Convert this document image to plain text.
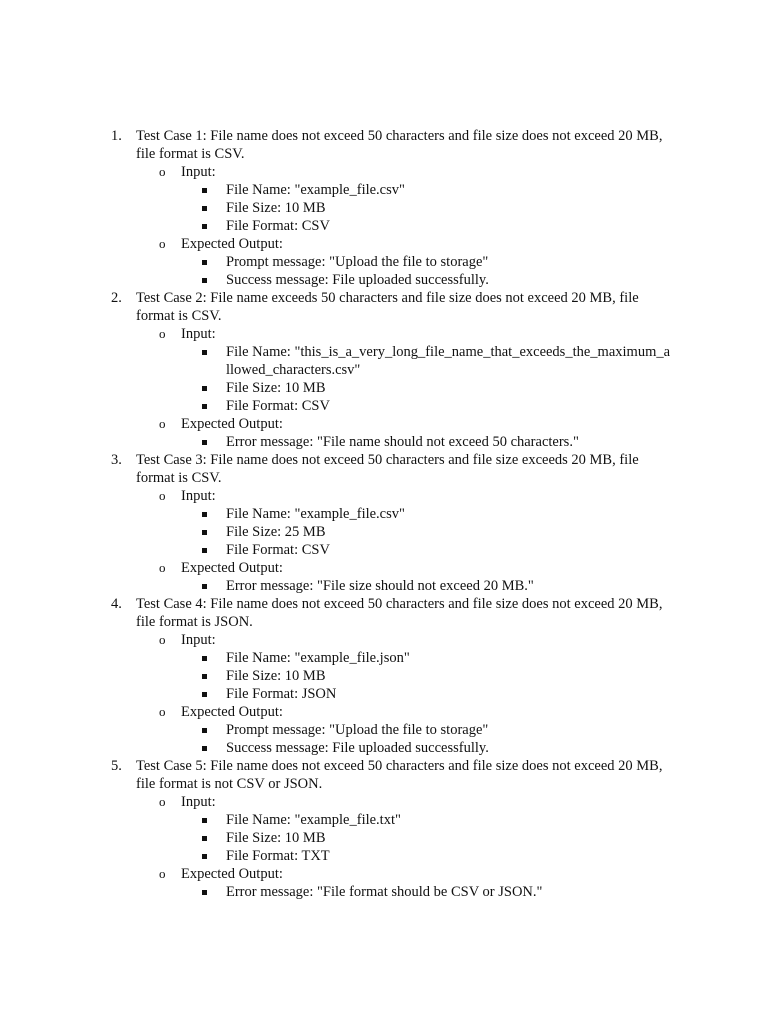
1. Test Case 1: File name does not exceed 50 characters and file size does not exceed 20 MB, file format is CSV.
o Input:
File Name: "example_file.csv"
File Size: 10 MB
File Format: CSV
o Expected Output:
Prompt message: "Upload the file to storage"
Success message: File uploaded successfully.
2. Test Case 2: File name exceeds 50 characters and file size does not exceed 20 MB, file format is CSV.
o Input:
File Name: "this_is_a_very_long_file_name_that_exceeds_the_maximum_allowed_characters.csv"
File Size: 10 MB
File Format: CSV
o Expected Output:
Error message: "File name should not exceed 50 characters."
3. Test Case 3: File name does not exceed 50 characters and file size exceeds 20 MB, file format is CSV.
o Input:
File Name: "example_file.csv"
File Size: 25 MB
File Format: CSV
o Expected Output:
Error message: "File size should not exceed 20 MB."
4. Test Case 4: File name does not exceed 50 characters and file size does not exceed 20 MB, file format is JSON.
o Input:
File Name: "example_file.json"
File Size: 10 MB
File Format: JSON
o Expected Output:
Prompt message: "Upload the file to storage"
Success message: File uploaded successfully.
5. Test Case 5: File name does not exceed 50 characters and file size does not exceed 20 MB, file format is not CSV or JSON.
o Input:
File Name: "example_file.txt"
File Size: 10 MB
File Format: TXT
o Expected Output:
Error message: "File format should be CSV or JSON."
